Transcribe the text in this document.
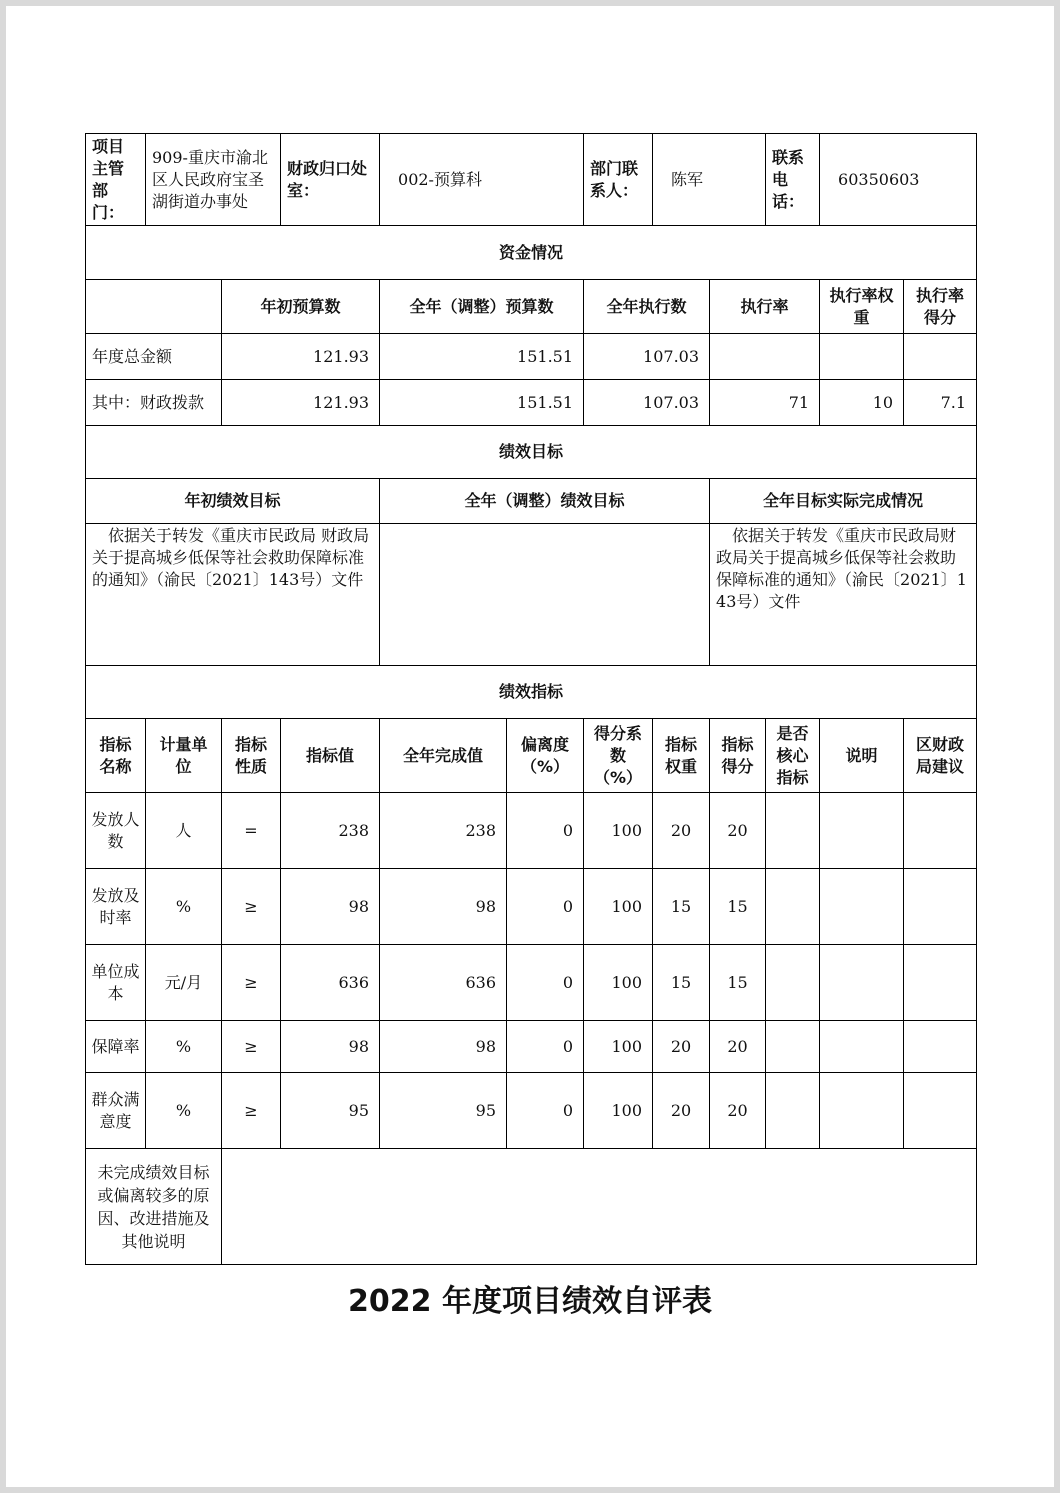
项目主管部门：	909-重庆市渝北区人民政府宝圣湖街道办事处		财政归口处室：	002-预算科		部门联系人：	陈军		联系电话：	60350603	
资金情况											
		年初预算数		全年（调整）预算数		全年执行数		执行率		执行率权重	执行率得分
年度总金额		121.93		151.51		107.03					
其中：财政拨款		121.93		151.51		107.03		71		10	7.1
绩效目标											
年初绩效目标				全年（调整）绩效目标				全年目标实际完成情况			
依据关于转发《重庆市民政局 财政局关于提高城乡低保等社会救助保障标准的通知》（渝民〔2021〕143号）文件								依据关于转发《重庆市民政局财政局关于提高城乡低保等社会救助保障标准的通知》（渝民〔2021〕143号）文件			
绩效指标											
指标名称	计量单位	指标性质	指标值	全年完成值	偏离度（%）	得分系数（%）	指标权重	指标得分	是否核心指标	说明	区财政局建议
发放人数	人	=	238	238	0	100	20	20			
发放及时率	%	≥	98	98	0	100	15	15			
单位成本	元/月	≥	636	636	0	100	15	15			
保障率	%	≥	98	98	0	100	20	20			
群众满意度	%	≥	95	95	0	100	20	20			
未完成绩效目标或偏离较多的原因、改进措施及其他说明											
2022 年度项目绩效自评表
